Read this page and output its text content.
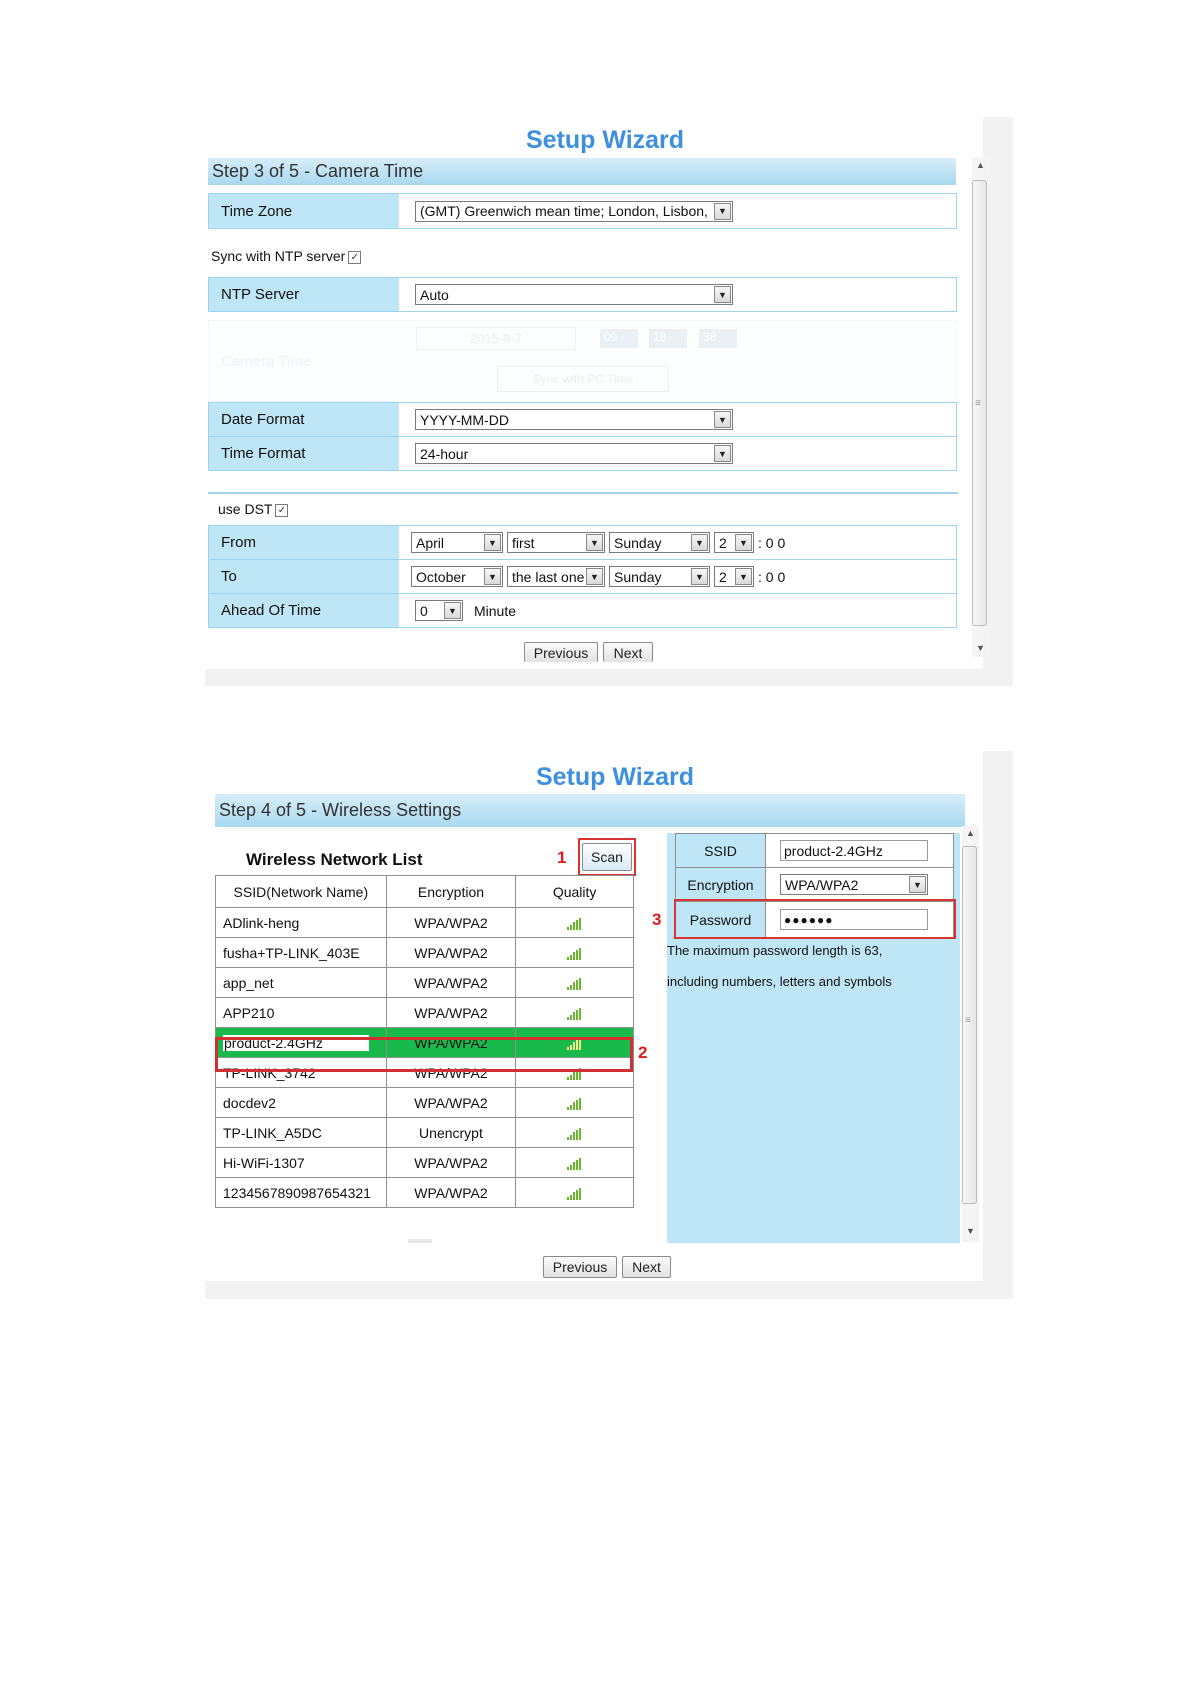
Setup Wizard
Step 3 of 5 - Camera Time
Time Zone	(GMT) Greenwich mean time; London, Lisbon,	▼
Sync with NTP server ✓
NTP Server	Auto	▼
Camera Time
2015-8-7	09	18	38
Sync with PC Time
Date Format	YYYY-MM-DD	▼
Time Format	24-hour	▼
use DST ✓
From	April	▼ first	▼ Sunday	▼ 2	▼ : 0 0
To	October	▼ the last one ▼ Sunday	▼ 2	▼ : 0 0
Ahead Of Time	0	▼ Minute
Previous	Next
▲
≡
▼
Setup Wizard
Step 4 of 5 - Wireless Settings
Wireless Network List	1	Scan
SSID(Network Name)	Encryption	Quality
ADlink-heng	WPA/WPA2	

fusha+TP-LINK_403E	WPA/WPA2	

app_net	WPA/WPA2	

APP210	WPA/WPA2	

product-2.4GHz	WPA/WPA2	

TP-LINK_3742	WPA/WPA2	

docdev2	WPA/WPA2	

TP-LINK_A5DC	Unencrypt	

Hi-WiFi-1307	WPA/WPA2	

1234567890987654321	WPA/WPA2	
2
SSID	product-2.4GHz
Encryption	WPA/WPA2	▼
Password	●●●●●●
3
The maximum password length is 63,
including numbers, letters and symbols
▲
≡
▼
Previous	Next
